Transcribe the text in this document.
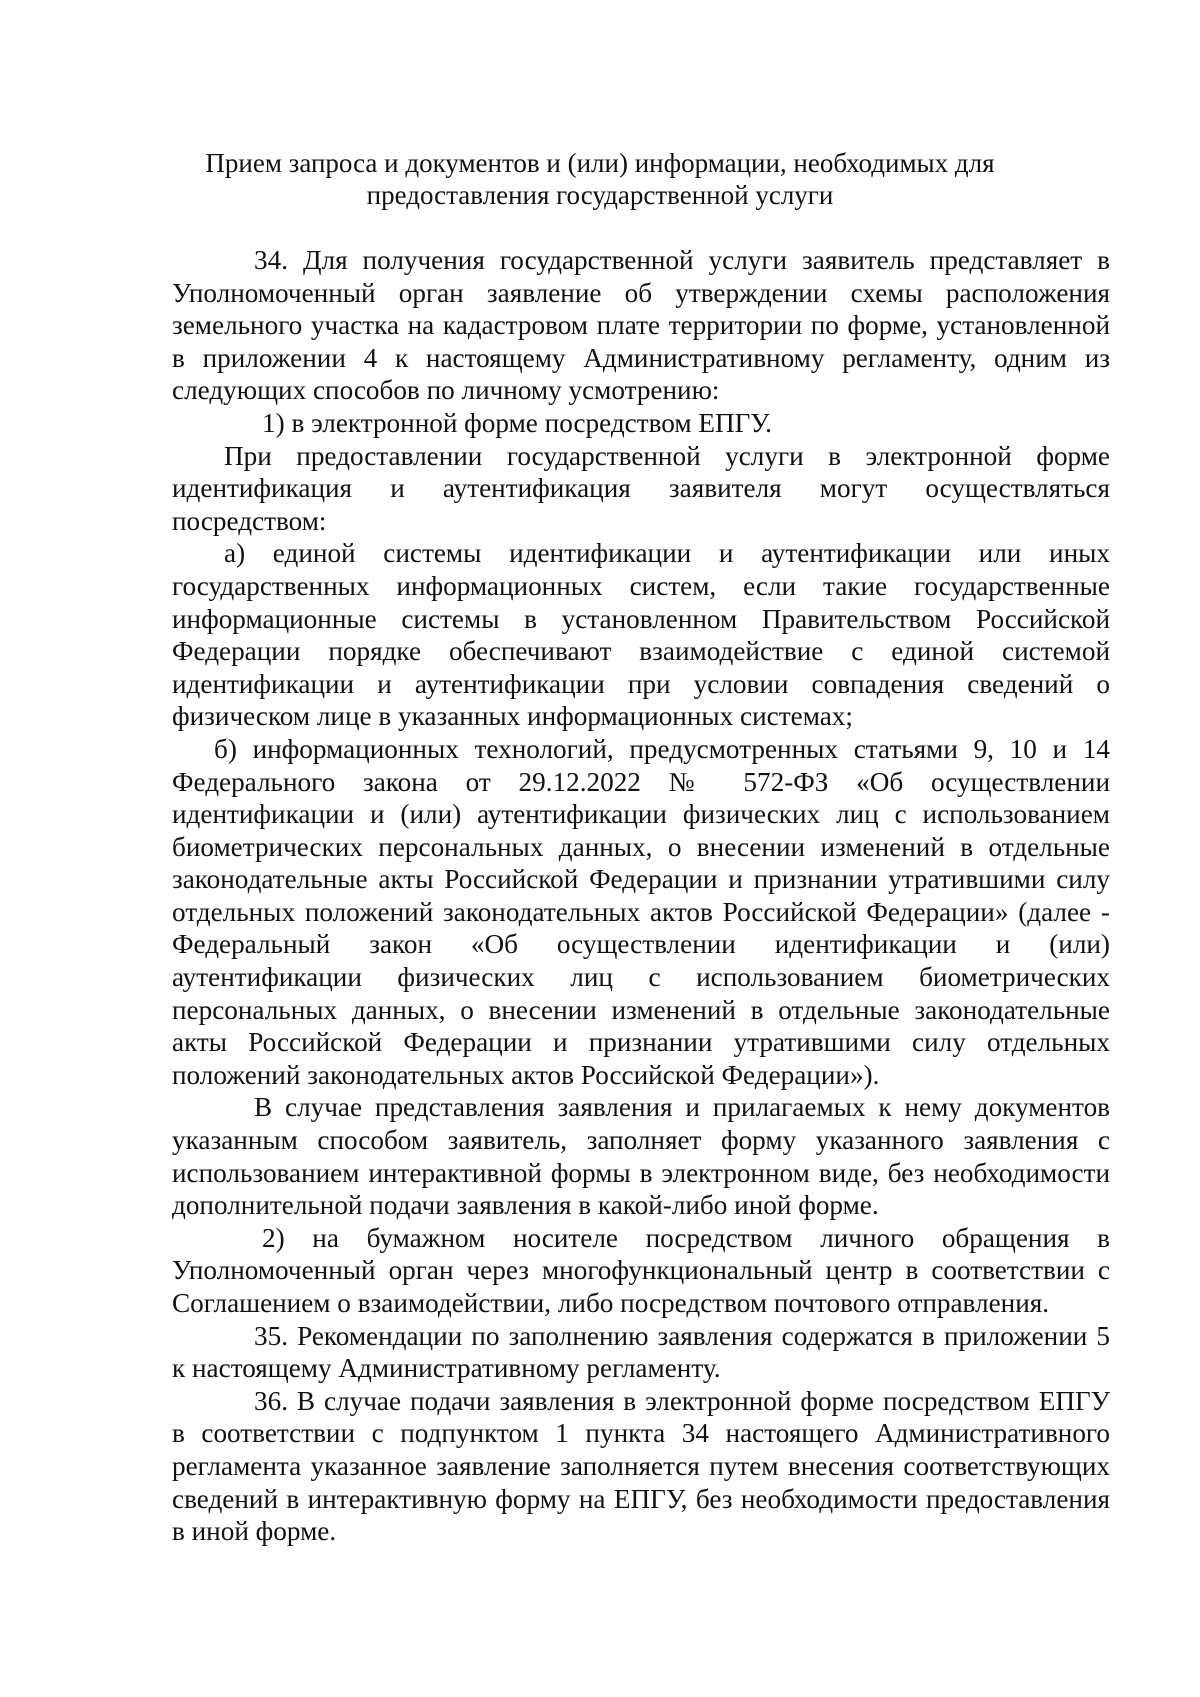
Прием запроса и документов и (или) информации, необходимых для
предоставления государственной услуги

34. Для получения государственной услуги заявитель представляет в Уполномоченный орган заявление об утверждении схемы расположения земельного участка на кадастровом плате территории по форме, установленной в приложении 4 к настоящему Административному регламенту, одним из следующих способов по личному усмотрению:

1) в электронной форме посредством ЕПГУ.

При предоставлении государственной услуги в электронной форме идентификация и аутентификация заявителя могут осуществляться посредством:

а) единой системы идентификации и аутентификации или иных государственных информационных систем, если такие государственные информационные системы в установленном Правительством Российской Федерации порядке обеспечивают взаимодействие с единой системой идентификации и аутентификации при условии совпадения сведений о физическом лице в указанных информационных системах;

б) информационных технологий, предусмотренных статьями 9, 10 и 14 Федерального закона от 29.12.2022 № 572-ФЗ «Об осуществлении идентификации и (или) аутентификации физических лиц с использованием биометрических персональных данных, о внесении изменений в отдельные законодательные акты Российской Федерации и признании утратившими силу отдельных положений законодательных актов Российской Федерации» (далее - Федеральный закон «Об осуществлении идентификации и (или) аутентификации физических лиц с использованием биометрических персональных данных, о внесении изменений в отдельные законодательные акты Российской Федерации и признании утратившими силу отдельных положений законодательных актов Российской Федерации»).

В случае представления заявления и прилагаемых к нему документов указанным способом заявитель, заполняет форму указанного заявления с использованием интерактивной формы в электронном виде, без необходимости дополнительной подачи заявления в какой-либо иной форме.

2) на бумажном носителе посредством личного обращения в Уполномоченный орган через многофункциональный центр в соответствии с Соглашением о взаимодействии, либо посредством почтового отправления.

35. Рекомендации по заполнению заявления содержатся в приложении 5 к настоящему Административному регламенту.

36. В случае подачи заявления в электронной форме посредством ЕПГУ в соответствии с подпунктом 1 пункта 34 настоящего Административного регламента указанное заявление заполняется путем внесения соответствующих сведений в интерактивную форму на ЕПГУ, без необходимости предоставления в иной форме.
